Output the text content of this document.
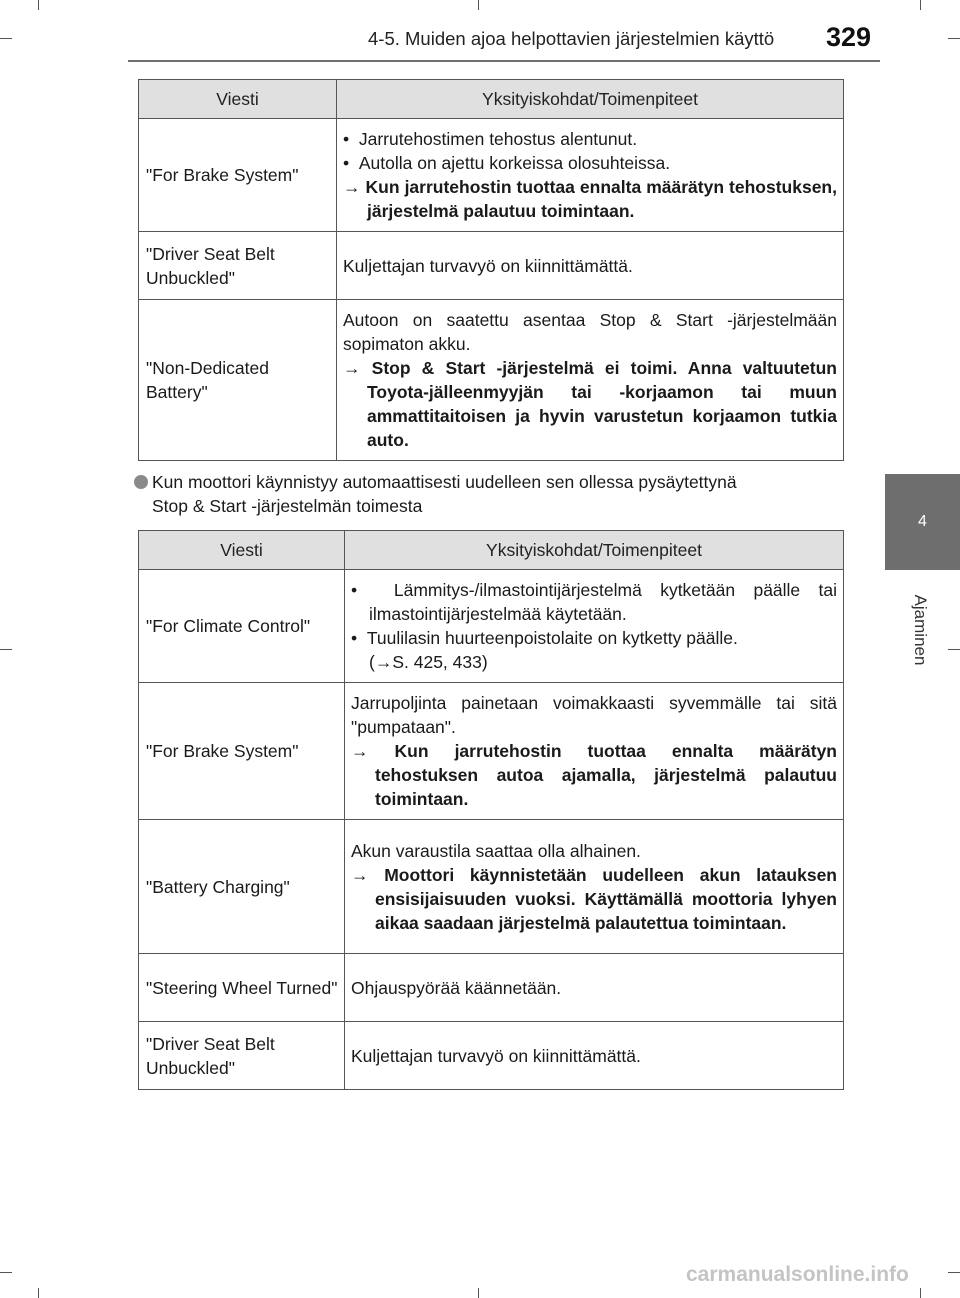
4-5. Muiden ajoa helpottavien järjestelmien käyttö 329
4
Ajaminen
Viesti	Yksityiskohdat/Toimenpiteet
"For Brake System"	•  Jarrutehostimen tehostus alentunut.
•  Autolla on ajettu korkeissa olosuhteissa.
→ Kun jarrutehostin tuottaa ennalta määrätyn tehostuksen, järjestelmä palautuu toimintaan.

"Driver Seat Belt Unbuckled"	Kuljettajan turvavyö on kiinnittämättä.
"Non-Dedicated Battery"	Autoon on saatettu asentaa Stop & Start -järjestelmään sopimaton akku.
→ Stop & Start -järjestelmä ei toimi. Anna valtuutetun Toyota-jälleenmyyjän tai -korjaamon tai muun ammattitaitoisen ja hyvin varustetun korjaamon tutkia auto.
Kun moottori käynnistyy automaattisesti uudelleen sen ollessa pysäytettynä
Stop & Start -järjestelmän toimesta
Viesti	Yksityiskohdat/Toimenpiteet
"For Climate Control"	•  Lämmitys-/ilmastointijärjestelmä kytketään päälle tai ilmastointijärjestelmää käytetään.
•  Tuulilasin huurteenpoistolaite on kytketty päälle.
(→S. 425, 433)

"For Brake System"	Jarrupoljinta painetaan voimakkaasti syvemmälle tai sitä "pumpataan".
→ Kun jarrutehostin tuottaa ennalta määrätyn tehostuksen autoa ajamalla, järjestelmä palautuu toimintaan.

"Battery Charging"	Akun varaustila saattaa olla alhainen.
→ Moottori käynnistetään uudelleen akun latauksen ensisijaisuuden vuoksi. Käyttämällä moottoria lyhyen aikaa saadaan järjestelmä palautettua toimintaan.

"Steering Wheel Turned"	Ohjauspyörää käännetään.
"Driver Seat Belt Unbuckled"	Kuljettajan turvavyö on kiinnittämättä.
carmanualsonline.info
